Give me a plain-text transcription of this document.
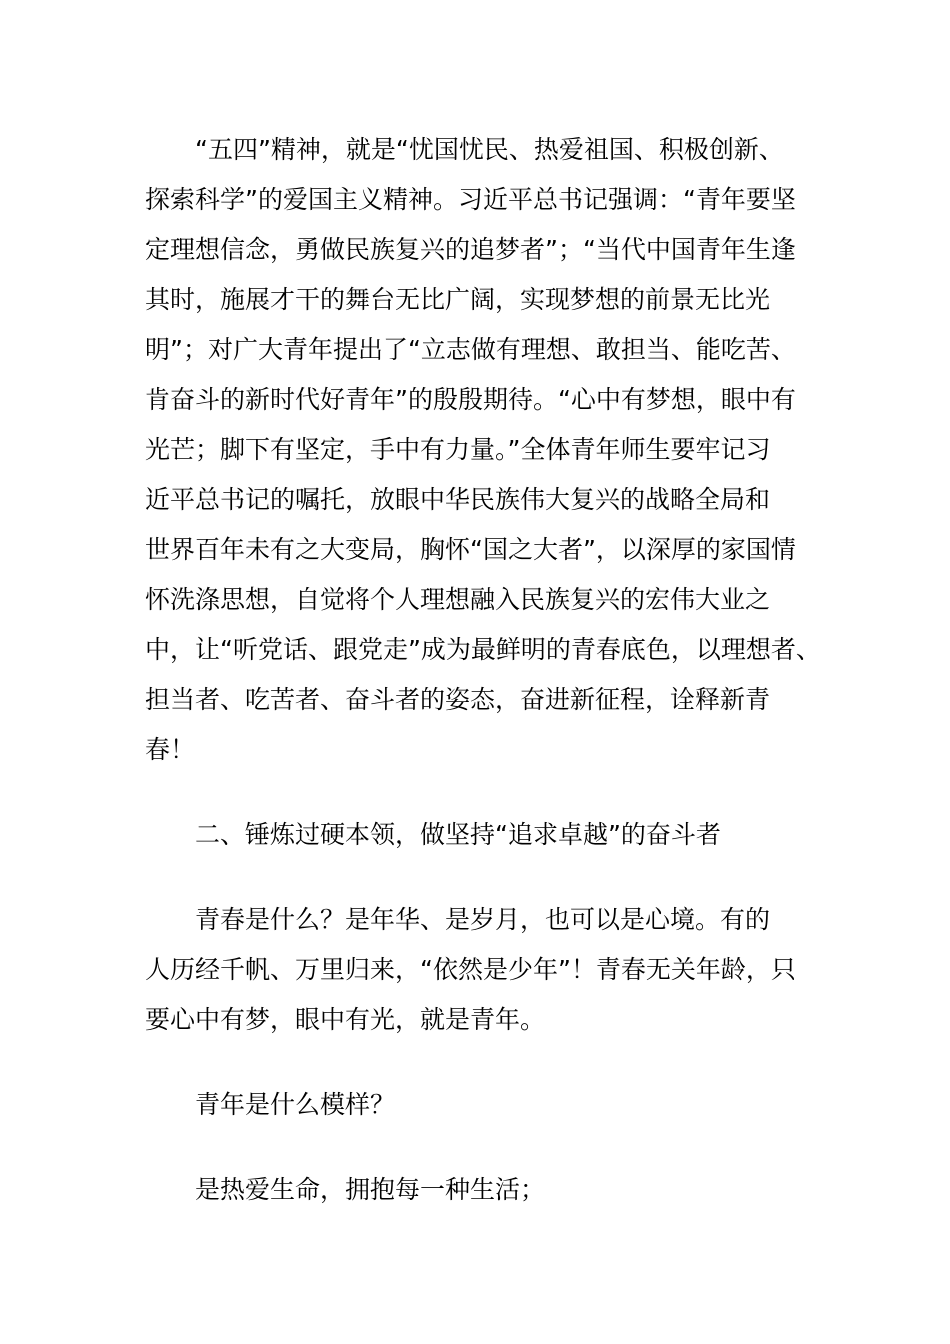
“五四”精神，就是“忧国忧民、热爱祖国、积极创新、
探索科学”的爱国主义精神。习近平总书记强调：“青年要坚
定理想信念，勇做民族复兴的追梦者”；“当代中国青年生逢
其时，施展才干的舞台无比广阔，实现梦想的前景无比光
明”；对广大青年提出了“立志做有理想、敢担当、能吃苦、
肯奋斗的新时代好青年”的殷殷期待。“心中有梦想，眼中有
光芒；脚下有坚定，手中有力量。”全体青年师生要牢记习
近平总书记的嘱托，放眼中华民族伟大复兴的战略全局和
世界百年未有之大变局，胸怀“国之大者”，以深厚的家国情
怀洗涤思想，自觉将个人理想融入民族复兴的宏伟大业之
中，让“听党话、跟党走”成为最鲜明的青春底色，以理想者、
担当者、吃苦者、奋斗者的姿态，奋进新征程，诠释新青
春！
二、锤炼过硬本领，做坚持“追求卓越”的奋斗者
青春是什么？是年华、是岁月，也可以是心境。有的
人历经千帆、万里归来，“依然是少年”！青春无关年龄，只
要心中有梦，眼中有光，就是青年。
青年是什么模样？
是热爱生命，拥抱每一种生活；
